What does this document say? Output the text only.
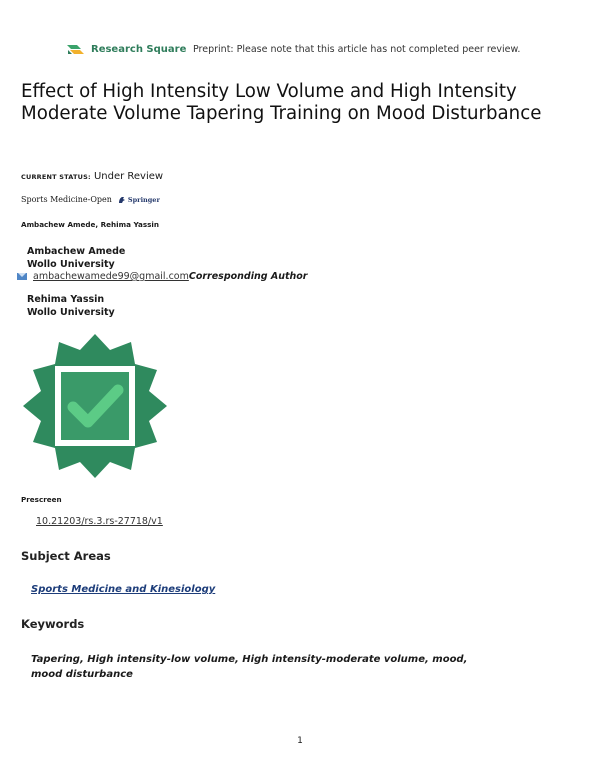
Research Square Preprint: Please note that this article has not completed peer review.
Effect of High Intensity Low Volume and High Intensity
Moderate Volume Tapering Training on Mood Disturbance
CURRENT STATUS: Under Review
Sports Medicine-Open Springer
Ambachew Amede, Rehima Yassin
Ambachew Amede
Wollo University
ambachewamede99@gmail.com Corresponding Author
Rehima Yassin
Wollo University
Prescreen
10.21203/rs.3.rs-27718/v1
Subject Areas
Sports Medicine and Kinesiology
Keywords
Tapering, High intensity-low volume, High intensity-moderate volume, mood,
mood disturbance
1
